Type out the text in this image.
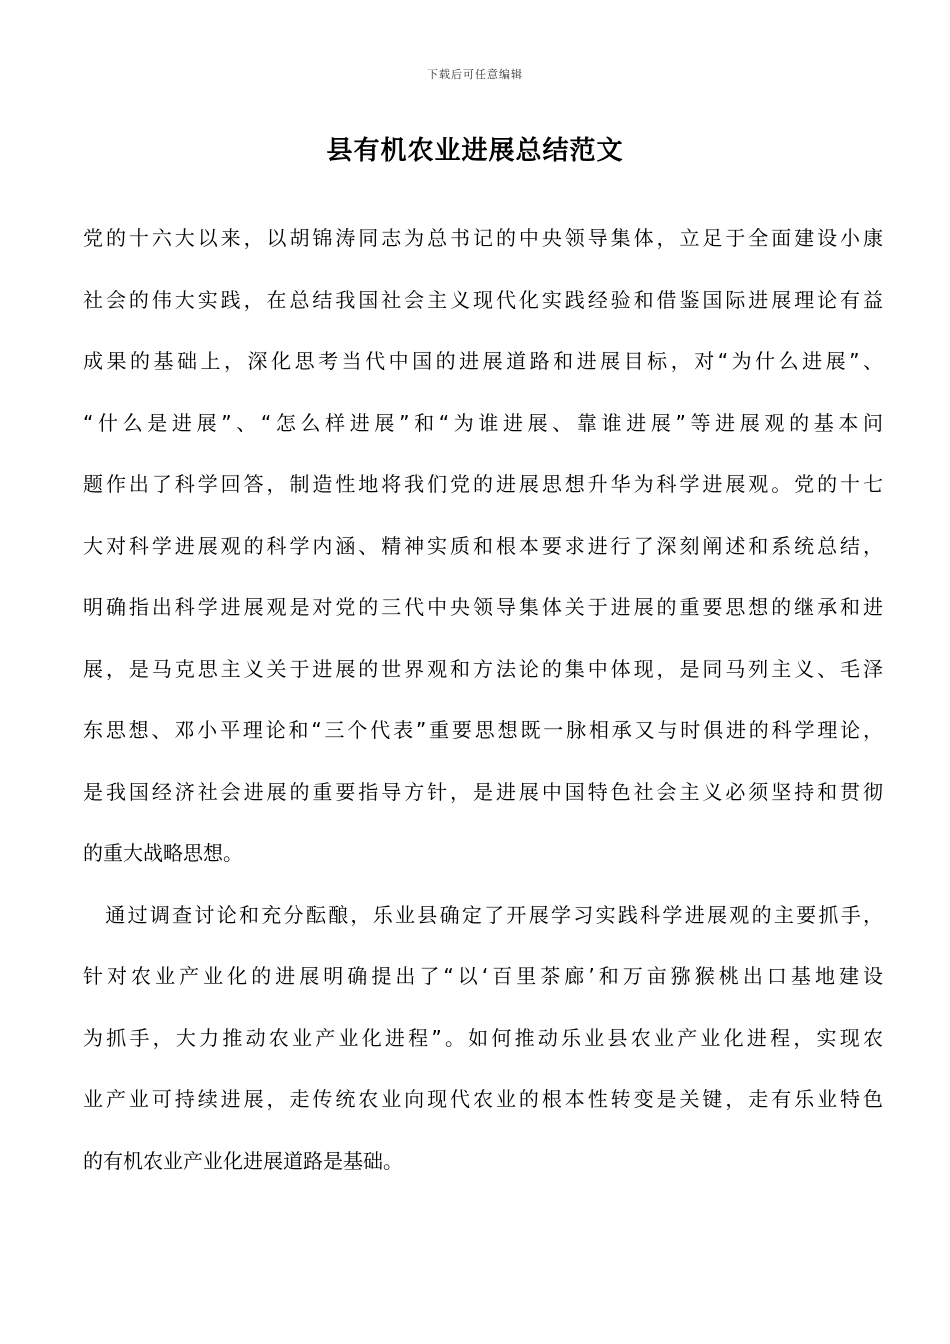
下载后可任意编辑
县有机农业进展总结范文
党的十六大以来，以胡锦涛同志为总书记的中央领导集体，立足于全面建设小康
社会的伟大实践，在总结我国社会主义现代化实践经验和借鉴国际进展理论有益
成果的基础上，深化思考当代中国的进展道路和进展目标，对“为什么进展”、
“什么是进展”、“怎么样进展”和“为谁进展、靠谁进展”等进展观的基本问
题作出了科学回答，制造性地将我们党的进展思想升华为科学进展观。党的十七
大对科学进展观的科学内涵、精神实质和根本要求进行了深刻阐述和系统总结，
明确指出科学进展观是对党的三代中央领导集体关于进展的重要思想的继承和进
展，是马克思主义关于进展的世界观和方法论的集中体现，是同马列主义、毛泽
东思想、邓小平理论和“三个代表”重要思想既一脉相承又与时俱进的科学理论，
是我国经济社会进展的重要指导方针，是进展中国特色社会主义必须坚持和贯彻
的重大战略思想。
　通过调查讨论和充分酝酿，乐业县确定了开展学习实践科学进展观的主要抓手，
针对农业产业化的进展明确提出了“以‘百里茶廊’和万亩猕猴桃出口基地建设
为抓手，大力推动农业产业化进程”。如何推动乐业县农业产业化进程，实现农
业产业可持续进展，走传统农业向现代农业的根本性转变是关键，走有乐业特色
的有机农业产业化进展道路是基础。
